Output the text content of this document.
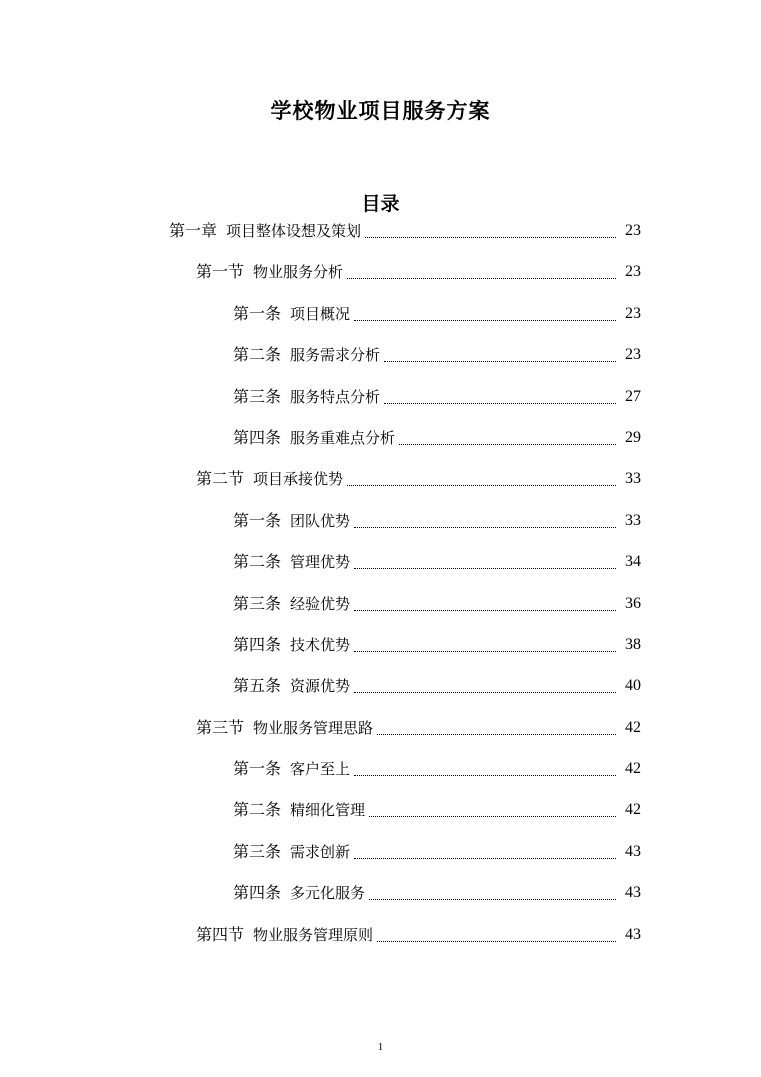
学校物业项目服务方案
目录
第一章 项目整体设想及策划	23
第一节 物业服务分析	23
第一条 项目概况	23
第二条 服务需求分析	23
第三条 服务特点分析	27
第四条 服务重难点分析	29
第二节 项目承接优势	33
第一条 团队优势	33
第二条 管理优势	34
第三条 经验优势	36
第四条 技术优势	38
第五条 资源优势	40
第三节 物业服务管理思路	42
第一条 客户至上	42
第二条 精细化管理	42
第三条 需求创新	43
第四条 多元化服务	43
第四节 物业服务管理原则	43
1
